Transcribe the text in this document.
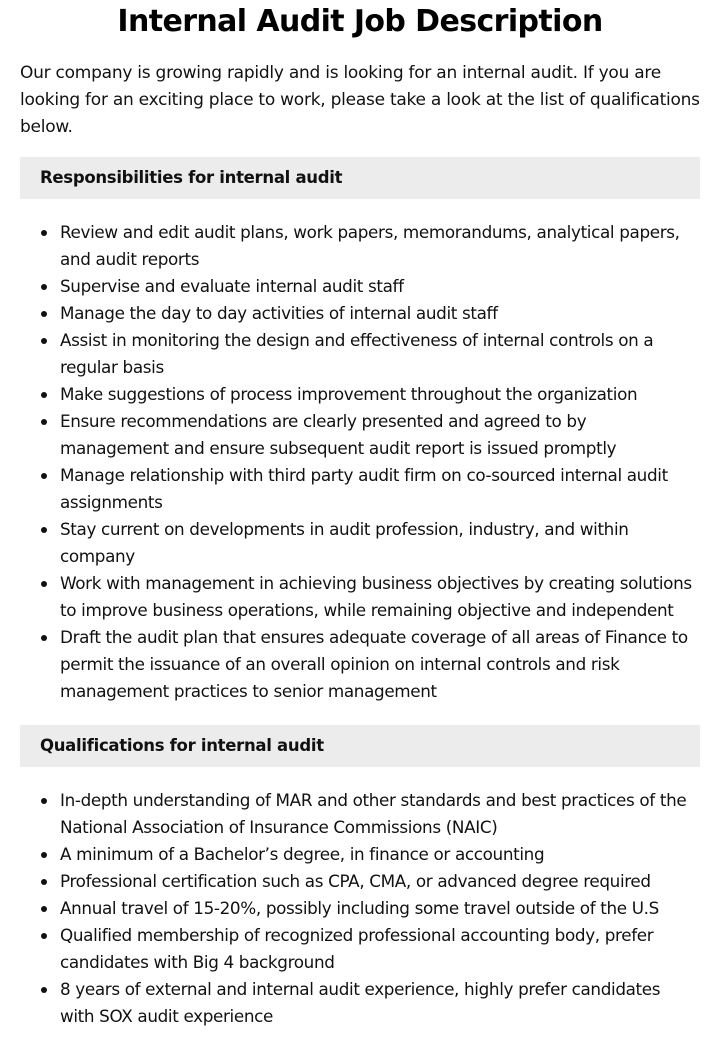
Internal Audit Job Description

Our company is growing rapidly and is looking for an internal audit. If you are looking for an exciting place to work, please take a look at the list of qualifications below.

Responsibilities for internal audit
Review and edit audit plans, work papers, memorandums, analytical papers, and audit reports
Supervise and evaluate internal audit staff
Manage the day to day activities of internal audit staff
Assist in monitoring the design and effectiveness of internal controls on a regular basis
Make suggestions of process improvement throughout the organization
Ensure recommendations are clearly presented and agreed to by management and ensure subsequent audit report is issued promptly
Manage relationship with third party audit firm on co-sourced internal audit assignments
Stay current on developments in audit profession, industry, and within company
Work with management in achieving business objectives by creating solutions to improve business operations, while remaining objective and independent
Draft the audit plan that ensures adequate coverage of all areas of Finance to permit the issuance of an overall opinion on internal controls and risk management practices to senior management
Qualifications for internal audit
In-depth understanding of MAR and other standards and best practices of the National Association of Insurance Commissions (NAIC)
A minimum of a Bachelor’s degree, in finance or accounting
Professional certification such as CPA, CMA, or advanced degree required
Annual travel of 15-20%, possibly including some travel outside of the U.S
Qualified membership of recognized professional accounting body, prefer candidates with Big 4 background
8 years of external and internal audit experience, highly prefer candidates with SOX audit experience
